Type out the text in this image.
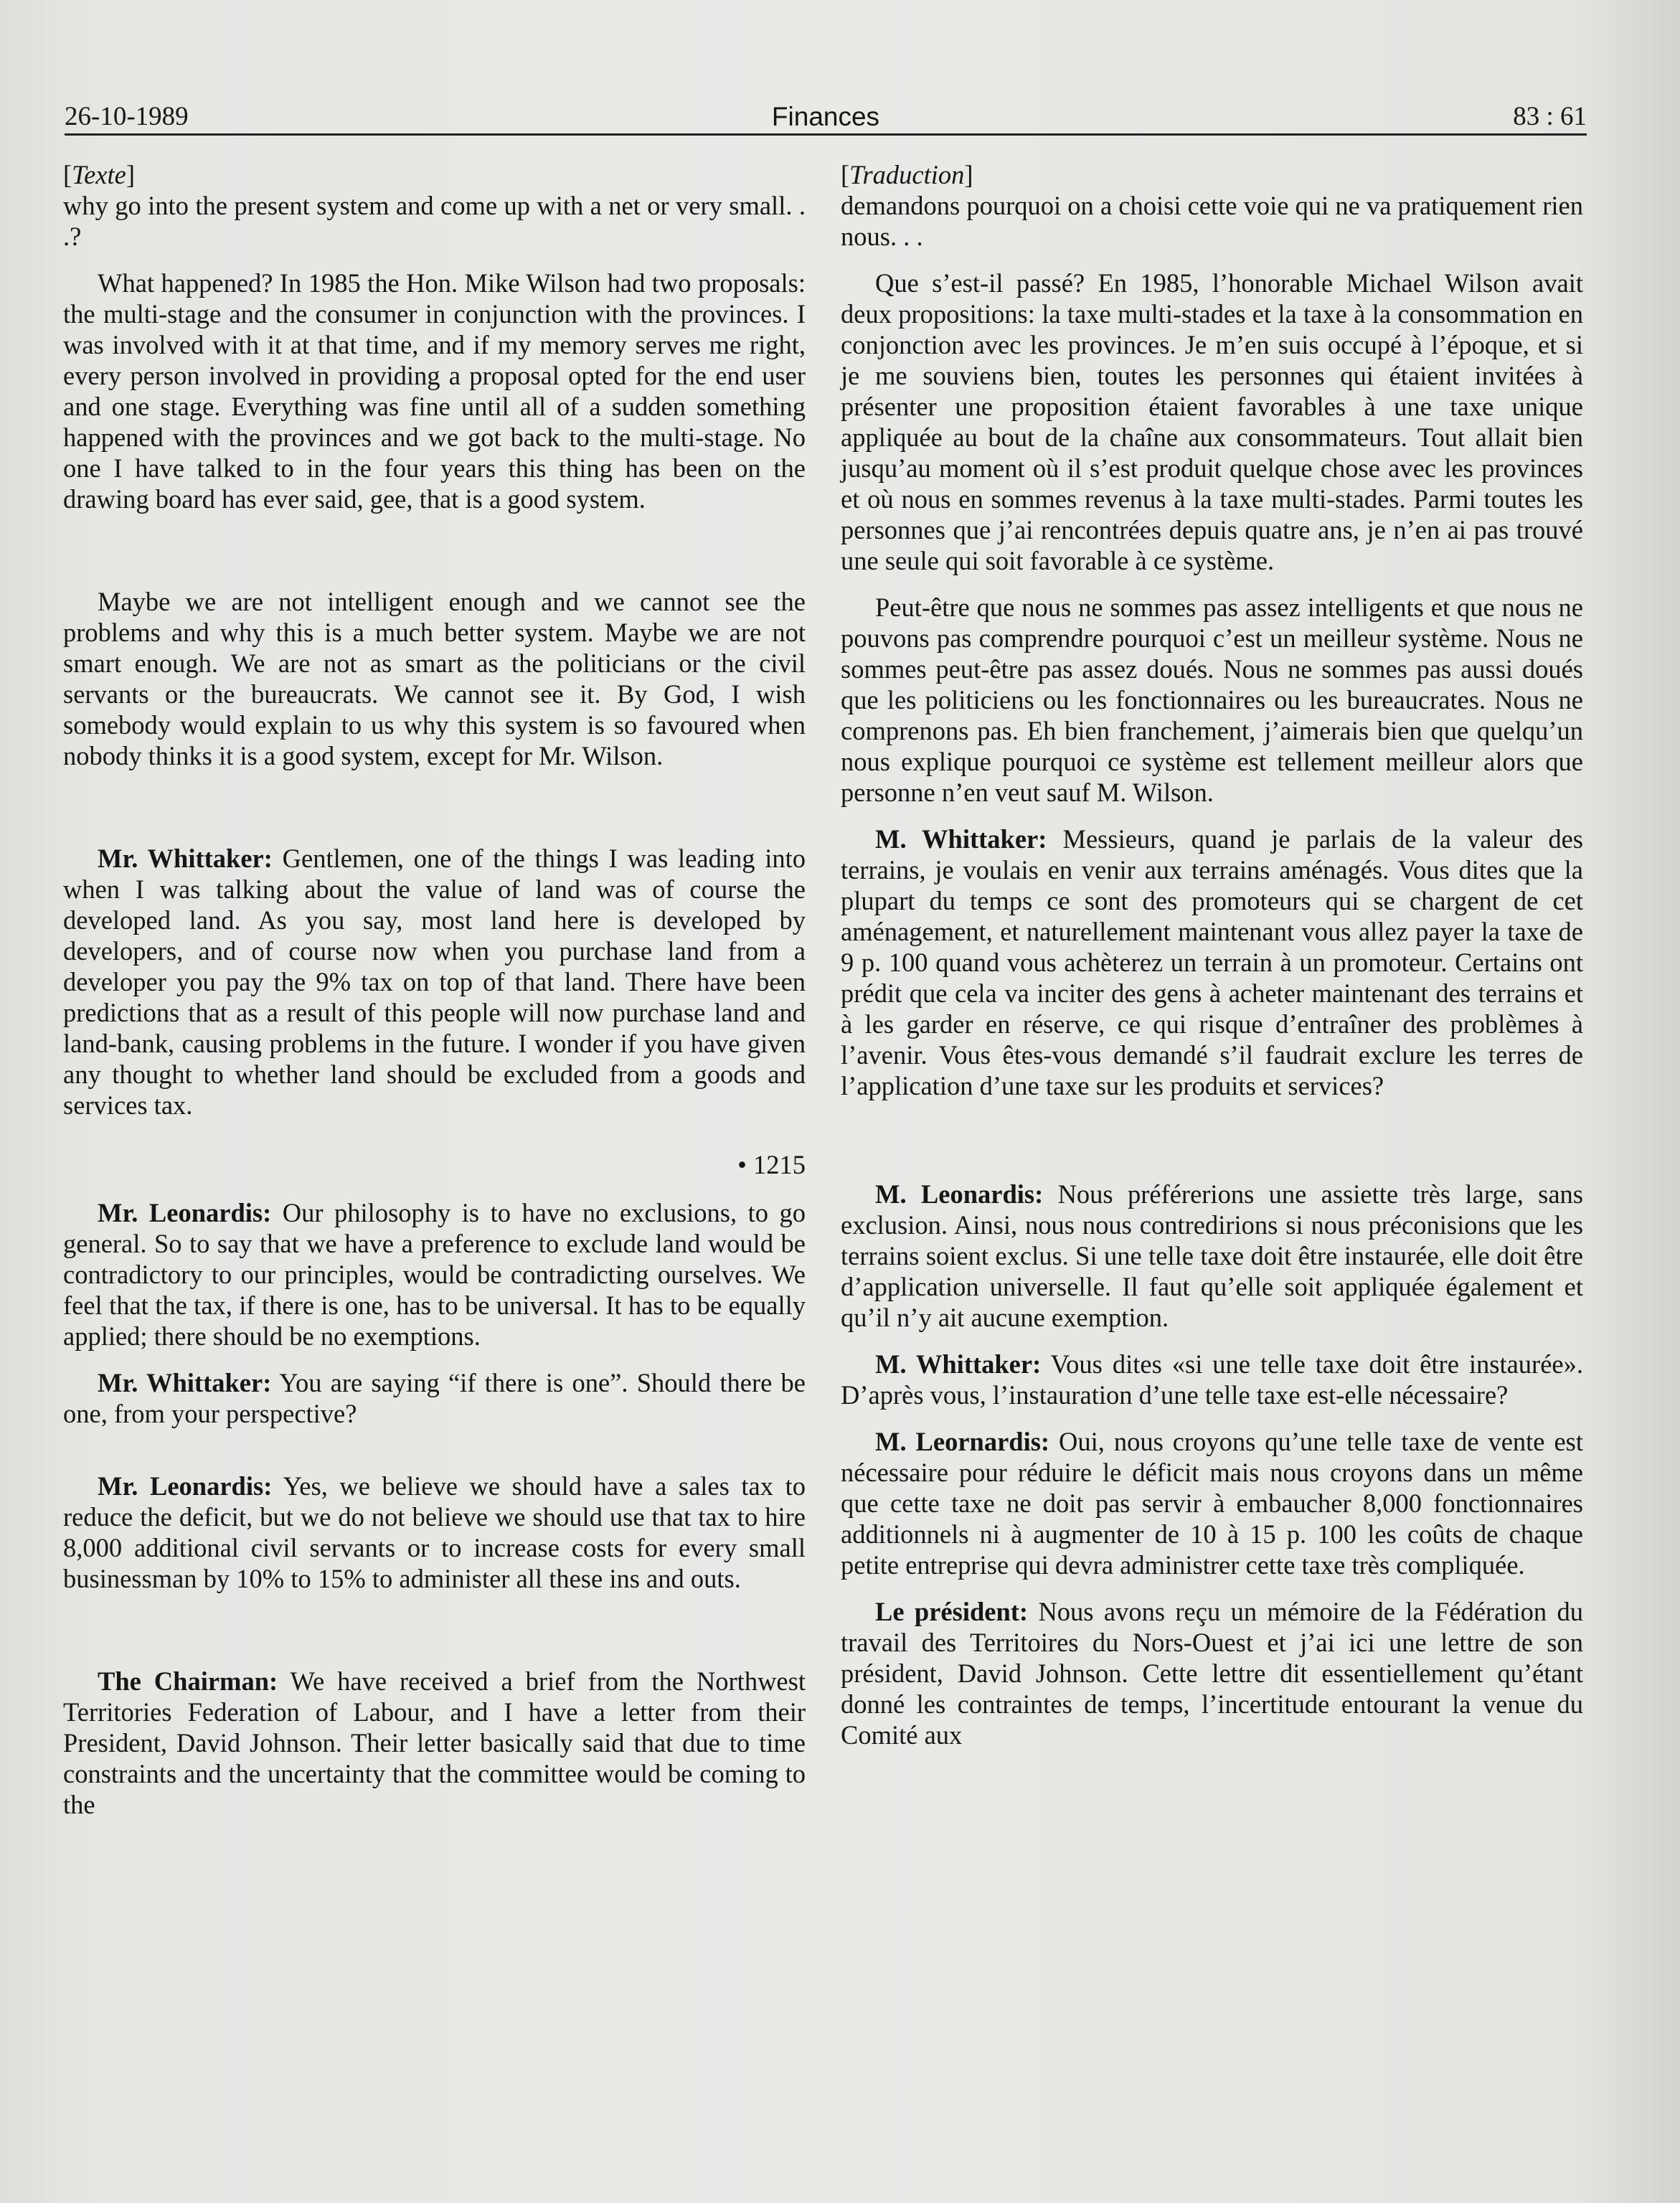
26-10-1989	Finances	83 : 61

[Texte]

why go into the present system and come up with a net or very small. . .?

What happened? In 1985 the Hon. Mike Wilson had two proposals: the multi-stage and the consumer in conjunction with the provinces. I was involved with it at that time, and if my memory serves me right, every person involved in providing a proposal opted for the end user and one stage. Everything was fine until all of a sudden something happened with the provinces and we got back to the multi-stage. No one I have talked to in the four years this thing has been on the drawing board has ever said, gee, that is a good system.

Maybe we are not intelligent enough and we cannot see the problems and why this is a much better system. Maybe we are not smart enough. We are not as smart as the politicians or the civil servants or the bureaucrats. We cannot see it. By God, I wish somebody would explain to us why this system is so favoured when nobody thinks it is a good system, except for Mr. Wilson.

Mr. Whittaker: Gentlemen, one of the things I was leading into when I was talking about the value of land was of course the developed land. As you say, most land here is developed by developers, and of course now when you purchase land from a developer you pay the 9% tax on top of that land. There have been predictions that as a result of this people will now purchase land and land-bank, causing problems in the future. I wonder if you have given any thought to whether land should be excluded from a goods and services tax.

• 1215

Mr. Leonardis: Our philosophy is to have no exclusions, to go general. So to say that we have a preference to exclude land would be contradictory to our principles, would be contradicting ourselves. We feel that the tax, if there is one, has to be universal. It has to be equally applied; there should be no exemptions.

Mr. Whittaker: You are saying “if there is one”. Should there be one, from your perspective?

Mr. Leonardis: Yes, we believe we should have a sales tax to reduce the deficit, but we do not believe we should use that tax to hire 8,000 additional civil servants or to increase costs for every small businessman by 10% to 15% to administer all these ins and outs.

The Chairman: We have received a brief from the Northwest Territories Federation of Labour, and I have a letter from their President, David Johnson. Their letter basically said that due to time constraints and the uncertainty that the committee would be coming to the

[Traduction]

demandons pourquoi on a choisi cette voie qui ne va pratiquement rien nous. . .

Que s’est-il passé? En 1985, l’honorable Michael Wilson avait deux propositions: la taxe multi-stades et la taxe à la consommation en conjonction avec les provinces. Je m’en suis occupé à l’époque, et si je me souviens bien, toutes les personnes qui étaient invitées à présenter une proposition étaient favorables à une taxe unique appliquée au bout de la chaîne aux consommateurs. Tout allait bien jusqu’au moment où il s’est produit quelque chose avec les provinces et où nous en sommes revenus à la taxe multi-stades. Parmi toutes les personnes que j’ai rencontrées depuis quatre ans, je n’en ai pas trouvé une seule qui soit favorable à ce système.

Peut-être que nous ne sommes pas assez intelligents et que nous ne pouvons pas comprendre pourquoi c’est un meilleur système. Nous ne sommes peut-être pas assez doués. Nous ne sommes pas aussi doués que les politiciens ou les fonctionnaires ou les bureaucrates. Nous ne comprenons pas. Eh bien franchement, j’aimerais bien que quelqu’un nous explique pourquoi ce système est tellement meilleur alors que personne n’en veut sauf M. Wilson.

M. Whittaker: Messieurs, quand je parlais de la valeur des terrains, je voulais en venir aux terrains aménagés. Vous dites que la plupart du temps ce sont des promoteurs qui se chargent de cet aménagement, et naturellement maintenant vous allez payer la taxe de 9 p. 100 quand vous achèterez un terrain à un promoteur. Certains ont prédit que cela va inciter des gens à acheter maintenant des terrains et à les garder en réserve, ce qui risque d’entraîner des problèmes à l’avenir. Vous êtes-vous demandé s’il faudrait exclure les terres de l’application d’une taxe sur les produits et services?

M. Leonardis: Nous préférerions une assiette très large, sans exclusion. Ainsi, nous nous contredirions si nous préconisions que les terrains soient exclus. Si une telle taxe doit être instaurée, elle doit être d’application universelle. Il faut qu’elle soit appliquée également et qu’il n’y ait aucune exemption.

M. Whittaker: Vous dites «si une telle taxe doit être instaurée». D’après vous, l’instauration d’une telle taxe est-elle nécessaire?

M. Leornardis: Oui, nous croyons qu’une telle taxe de vente est nécessaire pour réduire le déficit mais nous croyons dans un même que cette taxe ne doit pas servir à embaucher 8,000 fonctionnaires additionnels ni à augmenter de 10 à 15 p. 100 les coûts de chaque petite entreprise qui devra administrer cette taxe très compliquée.

Le président: Nous avons reçu un mémoire de la Fédération du travail des Territoires du Nors-Ouest et j’ai ici une lettre de son président, David Johnson. Cette lettre dit essentiellement qu’étant donné les contraintes de temps, l’incertitude entourant la venue du Comité aux
